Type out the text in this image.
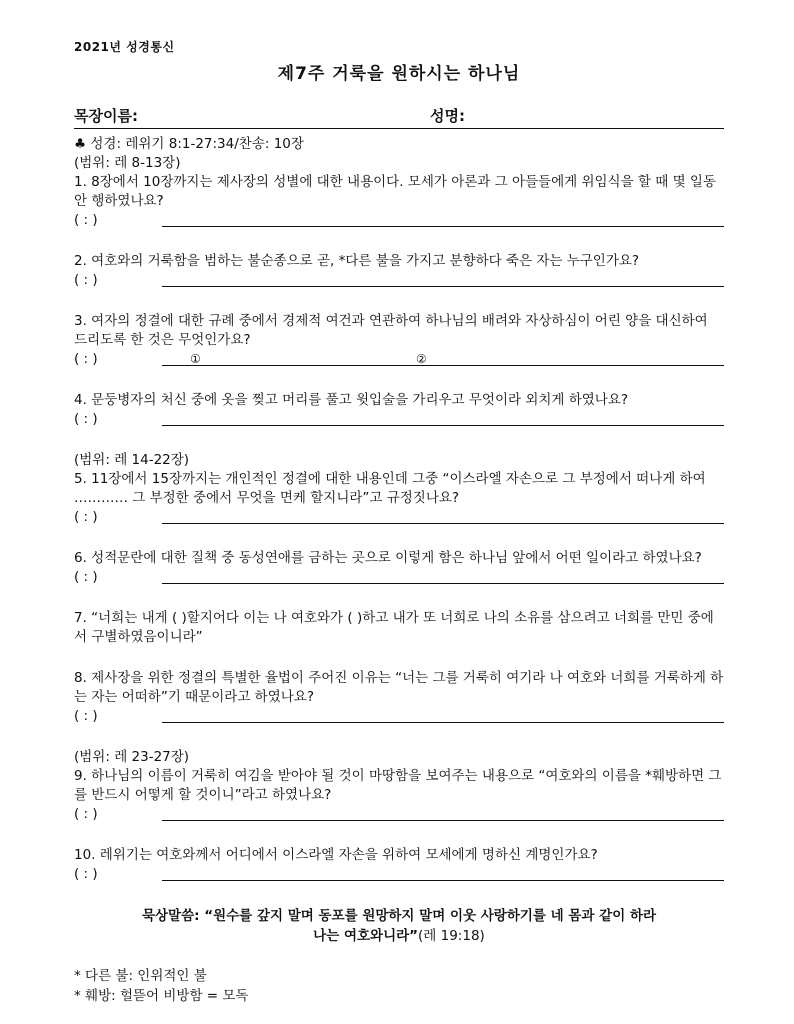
2021년 성경통신
제7주 거룩을 원하시는 하나님
목장이름:	성명:
♣ 성경: 레위기 8:1-27:34/찬송: 10장
(범위: 레 8-13장)
1. 8장에서 10장까지는 제사장의 성별에 대한 내용이다. 모세가 아론과 그 아들들에게 위임식을 할 때 몇 일동안 행하였나요?
( : )
2. 여호와의 거룩함을 범하는 불순종으로 곧, *다른 불을 가지고 분향하다 죽은 자는 누구인가요?
( : )
3. 여자의 정결에 대한 규례 중에서 경제적 여건과 연관하여 하나님의 배려와 자상하심이 어린 양을 대신하여 드리도록 한 것은 무엇인가요?
( : )	①	②
4. 문둥병자의 처신 중에 옷을 찢고 머리를 풀고 윗입술을 가리우고 무엇이라 외치게 하였나요?
( : )
(범위: 레 14-22장)
5. 11장에서 15장까지는 개인적인 정결에 대한 내용인데 그중 “이스라엘 자손으로 그 부정에서 떠나게 하여 ………… 그 부정한 중에서 무엇을 면케 할지니라”고 규정짓나요?
( : )
6. 성적문란에 대한 질책 중 동성연애를 금하는 곳으로 이렇게 함은 하나님 앞에서 어떤 일이라고 하였나요?
( : )
7. “너희는 내게 ( )할지어다 이는 나 여호와가 ( )하고 내가 또 너희로 나의 소유를 삼으려고 너희를 만민 중에서 구별하였음이니라”
8. 제사장을 위한 정결의 특별한 율법이 주어진 이유는 “너는 그를 거룩히 여기라 나 여호와 너희를 거룩하게 하는 자는 어떠하”기 때문이라고 하였나요?
( : )
(범위: 레 23-27장)
9. 하나님의 이름이 거룩히 여김을 받아야 될 것이 마땅함을 보여주는 내용으로 “여호와의 이름을 *훼방하면 그를 반드시 어떻게 할 것이니”라고 하였나요?
( : )
10. 레위기는 여호와께서 어디에서 이스라엘 자손을 위하여 모세에게 명하신 계명인가요?
( : )
묵상말씀: “원수를 갚지 말며 동포를 원망하지 말며 이웃 사랑하기를 네 몸과 같이 하라
나는 여호와니라”(레 19:18)
* 다른 불: 인위적인 불
* 훼방: 헐뜯어 비방함 = 모독
